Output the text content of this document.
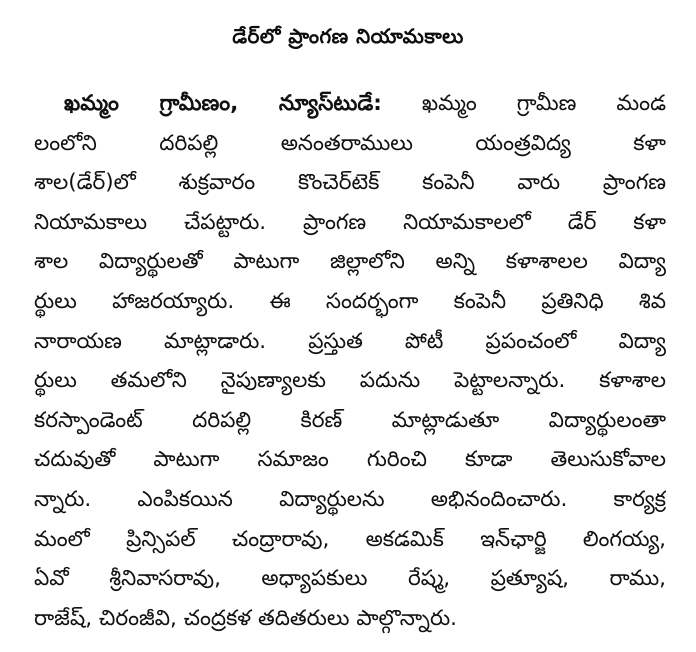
డేర్‌లో ప్రాంగణ నియామకాలు
ఖమ్మం గ్రామీణం, న్యూస్‌టుడే: ఖమ్మం గ్రామీణ మండ
లంలోని దరిపల్లి అనంతరాములు యంత్రవిద్య కళా
శాల(డేర్)లో శుక్రవారం కొంచెర్‌టెక్ కంపెనీ వారు ప్రాంగణ
నియామకాలు చేపట్టారు. ప్రాంగణ నియామకాలలో డేర్ కళా
శాల విద్యార్థులతో పాటుగా జిల్లాలోని అన్ని కళాశాలల విద్యా
ర్థులు హాజరయ్యారు. ఈ సందర్భంగా కంపెనీ ప్రతినిధి శివ
నారాయణ మాట్లాడారు. ప్రస్తుత పోటీ ప్రపంచంలో విద్యా
ర్థులు తమలోని నైపుణ్యాలకు పదును పెట్టాలన్నారు. కళాశాల
కరస్పాండెంట్ దరిపల్లి కిరణ్ మాట్లాడుతూ విద్యార్థులంతా
చదువుతో పాటుగా సమాజం గురించి కూడా తెలుసుకోవాల
న్నారు. ఎంపికయిన విద్యార్థులను అభినందించారు. కార్యక్ర
మంలో ప్రిన్సిపల్ చంద్రారావు, అకడమిక్ ఇన్‌ఛార్జి లింగయ్య,
ఏవో శ్రీనివాసరావు, అధ్యాపకులు రేష్మ, ప్రత్యూష, రాము,
రాజేష్, చిరంజీవి, చంద్రకళ తదితరులు పాల్గొన్నారు.
